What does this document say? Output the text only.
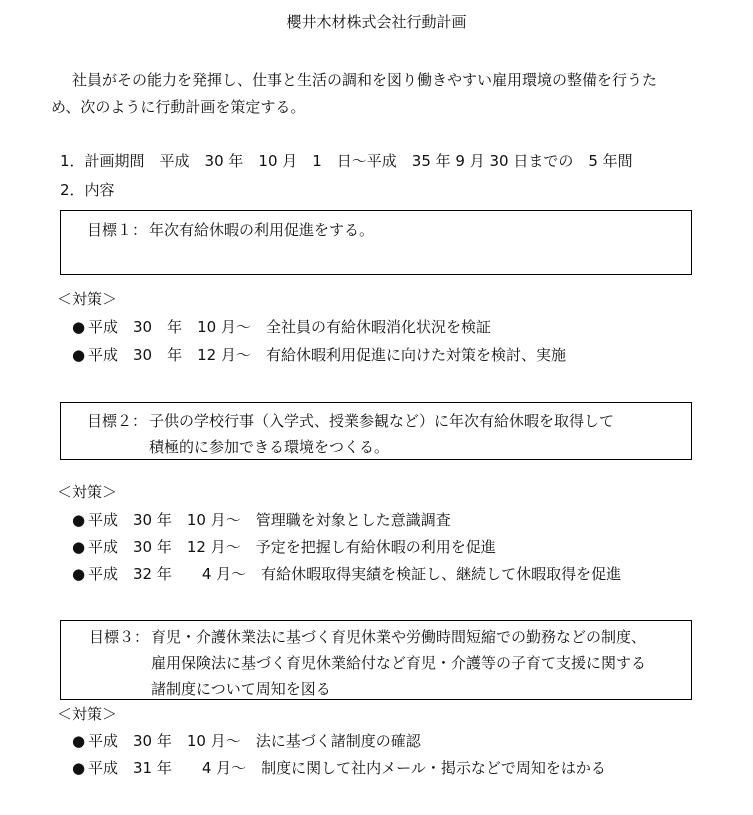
櫻井木材株式会社行動計画
社員がその能力を発揮し、仕事と生活の調和を図り働きやすい雇用環境の整備を行うた
め、次のように行動計画を策定する。
1．計画期間　平成　30 年　10 月　1　日～平成　35 年 9 月 30 日までの　5 年間
2．内容
目標１： 年次有給休暇の利用促進をする。
＜対策＞
● 平成　30　年　10 月～　全社員の有給休暇消化状況を検証
● 平成　30　年　12 月～　有給休暇利用促進に向けた対策を検討、実施
目標２： 子供の学校行事（入学式、授業参観など）に年次有給休暇を取得して
積極的に参加できる環境をつくる。
＜対策＞
● 平成　30 年　10 月～　管理職を対象とした意識調査
● 平成　30 年　12 月～　予定を把握し有給休暇の利用を促進
● 平成　32 年　　4 月～　有給休暇取得実績を検証し、継続して休暇取得を促進
目標３： 育児・介護休業法に基づく育児休業や労働時間短縮での勤務などの制度、
雇用保険法に基づく育児休業給付など育児・介護等の子育て支援に関する
諸制度について周知を図る
＜対策＞
● 平成　30 年　10 月～　法に基づく諸制度の確認
● 平成　31 年　　4 月～　制度に関して社内メール・掲示などで周知をはかる
